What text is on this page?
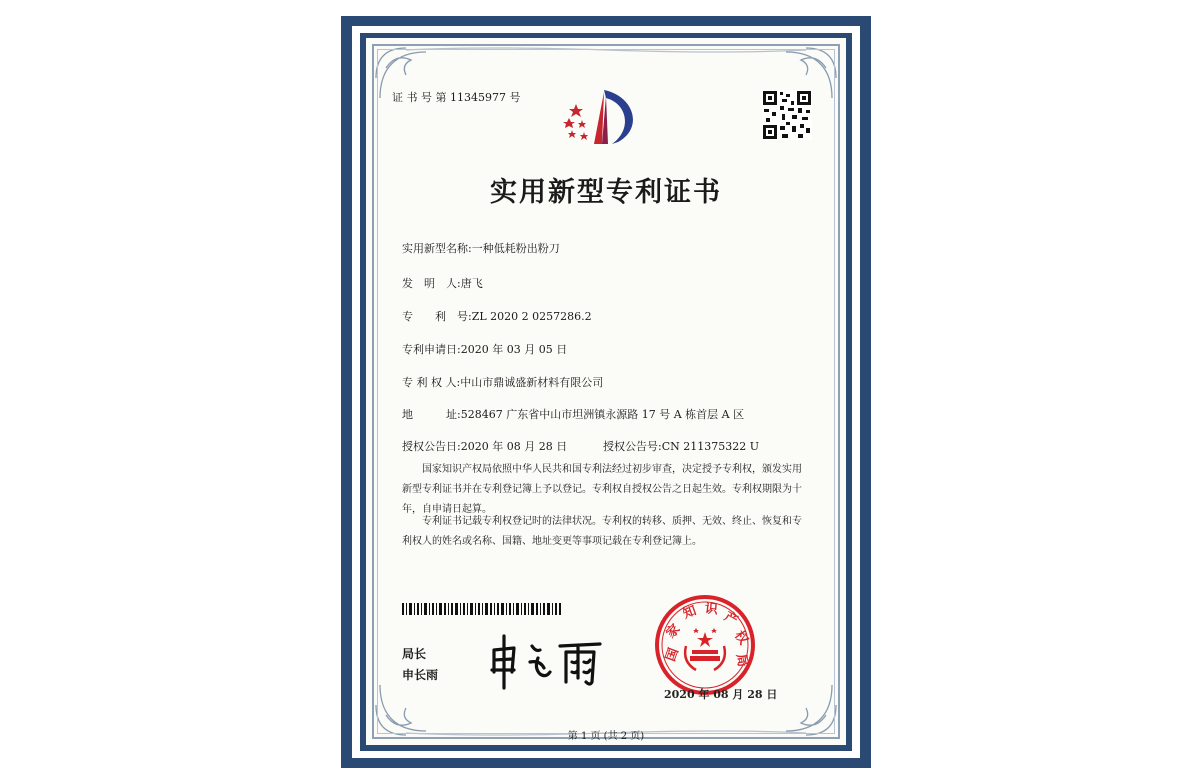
证 书 号 第 11345977 号
实用新型专利证书
实用新型名称:一种低耗粉出粉刀
发　明　人:唐飞
专　　利　号:ZL 2020 2 0257286.2
专利申请日:2020 年 03 月 05 日
专 利 权 人:中山市鼎诚盛新材料有限公司
地　　　址:528467 广东省中山市坦洲镇永源路 17 号 A 栋首层 A 区
授权公告日:2020 年 08 月 28 日	授权公告号:CN 211375322 U
国家知识产权局依照中华人民共和国专利法经过初步审查，决定授予专利权，颁发实用新型专利证书并在专利登记簿上予以登记。专利权自授权公告之日起生效。专利权期限为十年，自申请日起算。
专利证书记载专利权登记时的法律状况。专利权的转移、质押、无效、终止、恢复和专利权人的姓名或名称、国籍、地址变更等事项记载在专利登记簿上。
局长
申长雨
国
家
知 识 产
权
局
2020 年 08 月 28 日
第 1 页 (共 2 页)
